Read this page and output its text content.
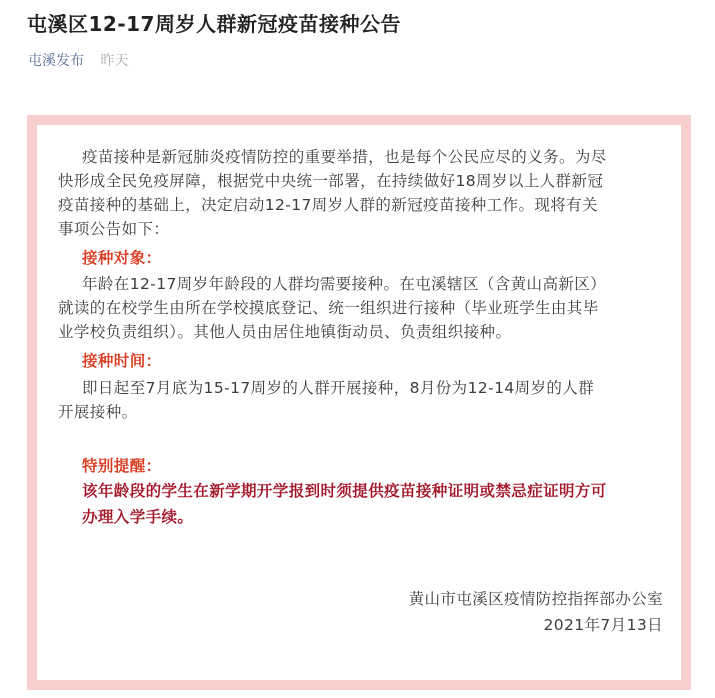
屯溪区12-17周岁人群新冠疫苗接种公告
屯溪发布 昨天
疫苗接种是新冠肺炎疫情防控的重要举措，也是每个公民应尽的义务。为尽
快形成全民免疫屏障，根据党中央统一部署，在持续做好18周岁以上人群新冠
疫苗接种的基础上，决定启动12-17周岁人群的新冠疫苗接种工作。现将有关
事项公告如下：
接种对象：
年龄在12-17周岁年龄段的人群均需要接种。在屯溪辖区（含黄山高新区）
就读的在校学生由所在学校摸底登记、统一组织进行接种（毕业班学生由其毕
业学校负责组织）。其他人员由居住地镇街动员、负责组织接种。
接种时间：
即日起至7月底为15-17周岁的人群开展接种，8月份为12-14周岁的人群
开展接种。
特别提醒：
该年龄段的学生在新学期开学报到时须提供疫苗接种证明或禁忌症证明方可
办理入学手续。
黄山市屯溪区疫情防控指挥部办公室
2021年7月13日
